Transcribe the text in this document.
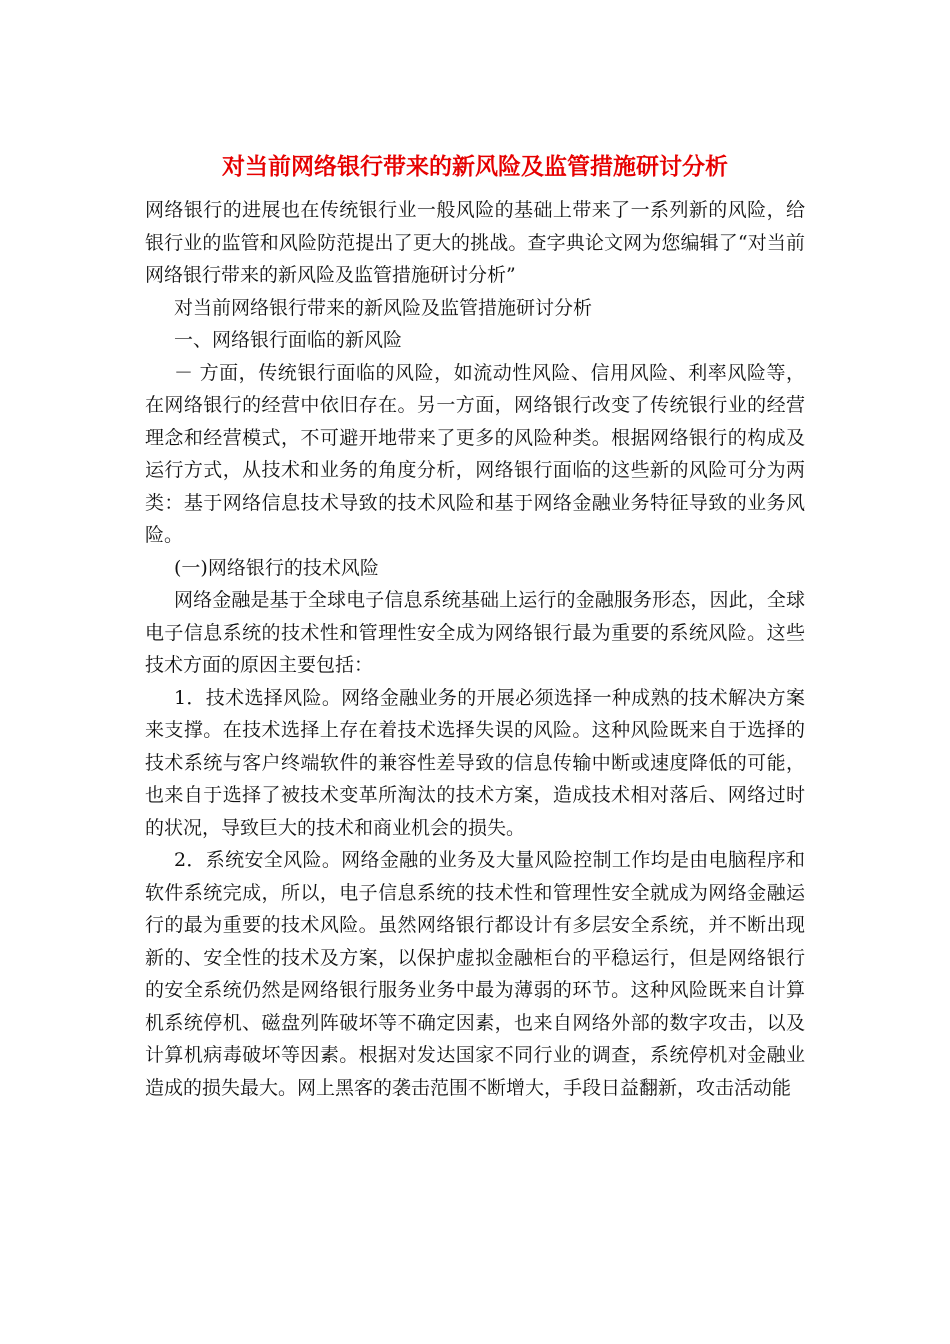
对当前网络银行带来的新风险及监管措施研讨分析

网络银行的进展也在传统银行业一般风险的基础上带来了一系列新的风险，给银行业的监管和风险防范提出了更大的挑战。查字典论文网为您编辑了“对当前网络银行带来的新风险及监管措施研讨分析”

对当前网络银行带来的新风险及监管措施研讨分析

一、网络银行面临的新风险

－ 方面，传统银行面临的风险，如流动性风险、信用风险、利率风险等，在网络银行的经营中依旧存在。另一方面，网络银行改变了传统银行业的经营理念和经营模式，不可避开地带来了更多的风险种类。根据网络银行的构成及运行方式，从技术和业务的角度分析，网络银行面临的这些新的风险可分为两类：基于网络信息技术导致的技术风险和基于网络金融业务特征导致的业务风险。

(一)网络银行的技术风险

网络金融是基于全球电子信息系统基础上运行的金融服务形态，因此，全球电子信息系统的技术性和管理性安全成为网络银行最为重要的系统风险。这些技术方面的原因主要包括：

1．技术选择风险。网络金融业务的开展必须选择一种成熟的技术解决方案来支撑。在技术选择上存在着技术选择失误的风险。这种风险既来自于选择的技术系统与客户终端软件的兼容性差导致的信息传输中断或速度降低的可能，也来自于选择了被技术变革所淘汰的技术方案，造成技术相对落后、网络过时的状况，导致巨大的技术和商业机会的损失。

2．系统安全风险。网络金融的业务及大量风险控制工作均是由电脑程序和软件系统完成，所以，电子信息系统的技术性和管理性安全就成为网络金融运行的最为重要的技术风险。虽然网络银行都设计有多层安全系统，并不断出现新的、安全性的技术及方案，以保护虚拟金融柜台的平稳运行，但是网络银行的安全系统仍然是网络银行服务业务中最为薄弱的环节。这种风险既来自计算机系统停机、磁盘列阵破坏等不确定因素，也来自网络外部的数字攻击，以及计算机病毒破坏等因素。根据对发达国家不同行业的调查，系统停机对金融业造成的损失最大。网上黑客的袭击范围不断增大，手段日益翻新，攻击活动能
